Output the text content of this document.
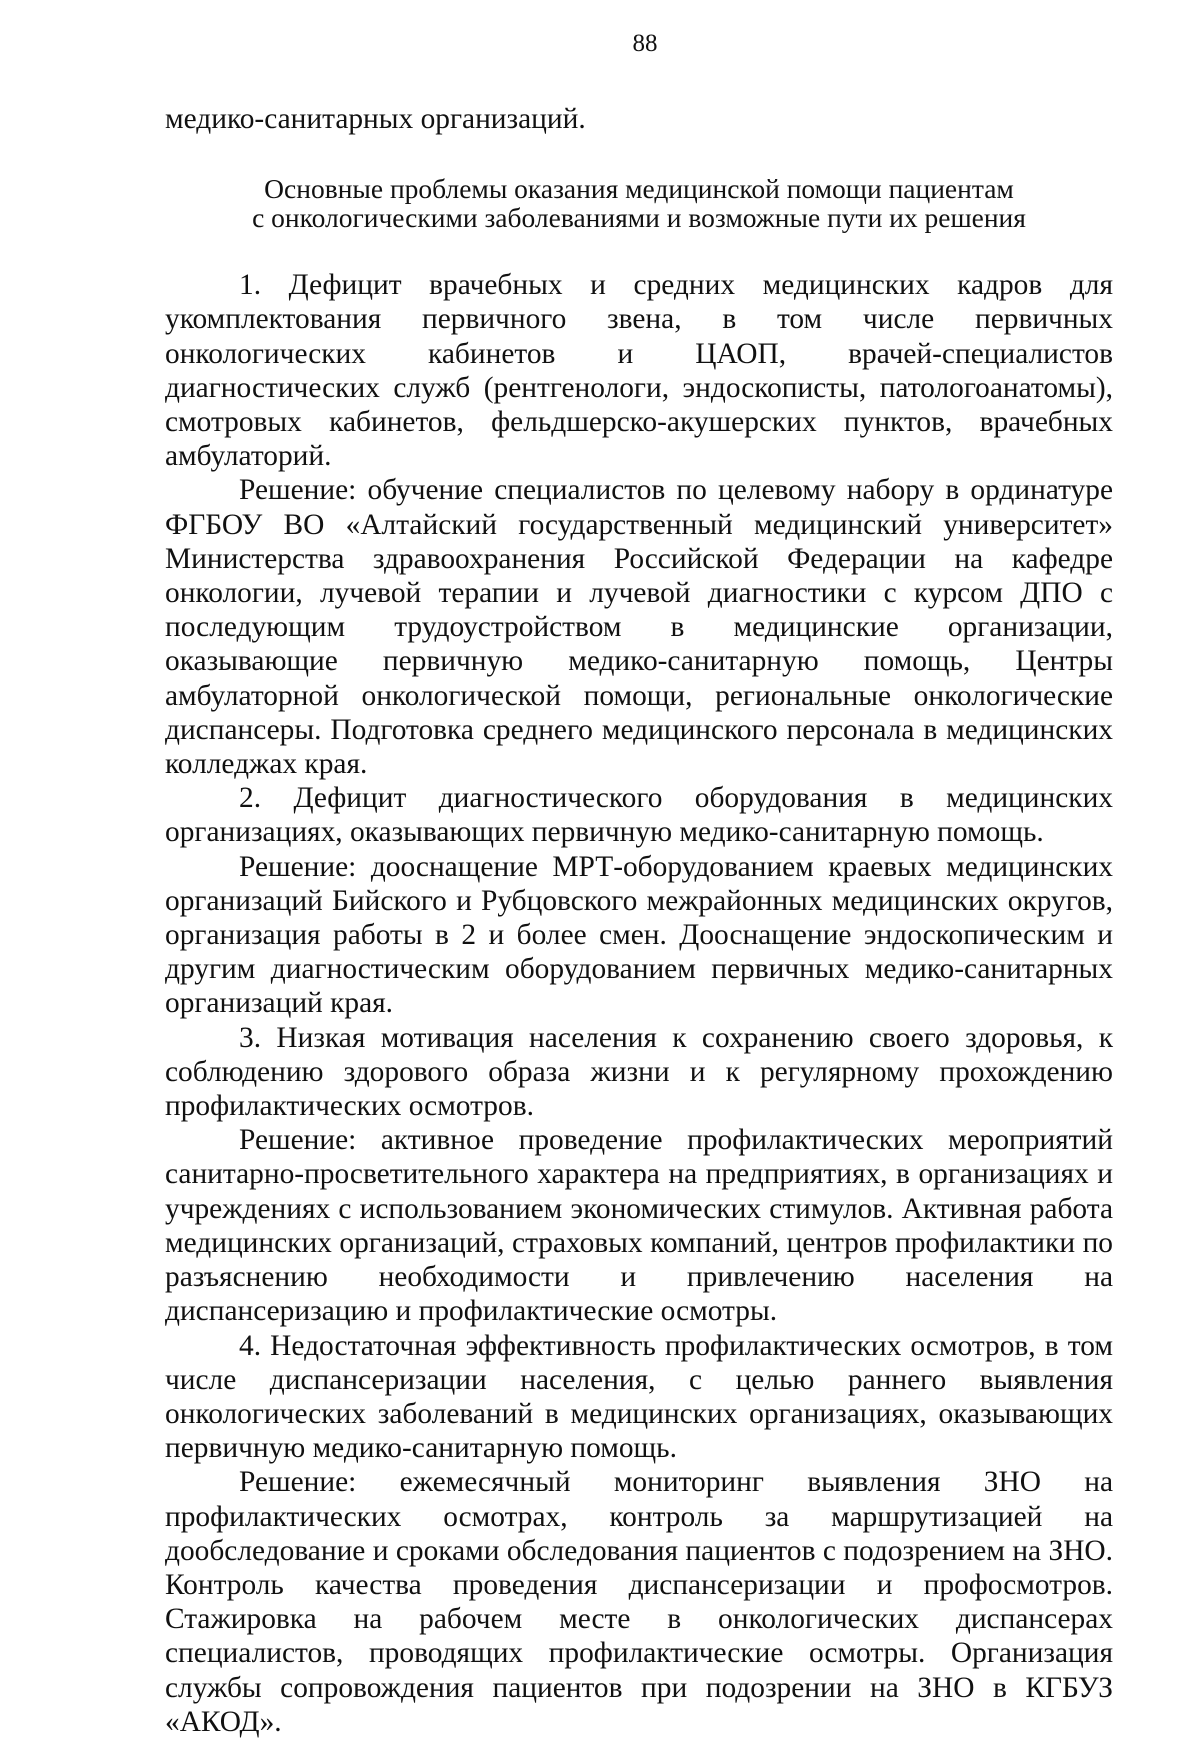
88

медико-санитарных организаций.

Основные проблемы оказания медицинской помощи пациентам
с онкологическими заболеваниями и возможные пути их решения

1. Дефицит врачебных и средних медицинских кадров для укомплектования первичного звена, в том числе первичных онкологических кабинетов и ЦАОП, врачей-специалистов диагностических служб (рентгенологи, эндоскописты, патологоанатомы), смотровых кабинетов, фельдшерско-акушерских пунктов, врачебных амбулаторий.

Решение: обучение специалистов по целевому набору в ординатуре ФГБОУ ВО «Алтайский государственный медицинский университет» Министерства здравоохранения Российской Федерации на кафедре онкологии, лучевой терапии и лучевой диагностики с курсом ДПО с последующим трудоустройством в медицинские организации, оказывающие первичную медико-санитарную помощь, Центры амбулаторной онкологической помощи, региональные онкологические диспансеры. Подготовка среднего медицинского персонала в медицинских колледжах края.

2. Дефицит диагностического оборудования в медицинских организациях, оказывающих первичную медико-санитарную помощь.

Решение: дооснащение МРТ-оборудованием краевых медицинских организаций Бийского и Рубцовского межрайонных медицинских округов, организация работы в 2 и более смен. Дооснащение эндоскопическим и другим диагностическим оборудованием первичных медико-санитарных организаций края.

3. Низкая мотивация населения к сохранению своего здоровья, к соблюдению здорового образа жизни и к регулярному прохождению профилактических осмотров.

Решение: активное проведение профилактических мероприятий санитарно-просветительного характера на предприятиях, в организациях и учреждениях с использованием экономических стимулов. Активная работа медицинских организаций, страховых компаний, центров профилактики по разъяснению необходимости и привлечению населения на диспансеризацию и профилактические осмотры.

4. Недостаточная эффективность профилактических осмотров, в том числе диспансеризации населения, с целью раннего выявления онкологических заболеваний в медицинских организациях, оказывающих первичную медико-санитарную помощь.

Решение: ежемесячный мониторинг выявления ЗНО на профилактических осмотрах, контроль за маршрутизацией на дообследование и сроками обследования пациентов с подозрением на ЗНО. Контроль качества проведения диспансеризации и профосмотров. Стажировка на рабочем месте в онкологических диспансерах специалистов, проводящих профилактические осмотры. Организация службы сопровождения пациентов при подозрении на ЗНО в КГБУЗ «АКОД».
